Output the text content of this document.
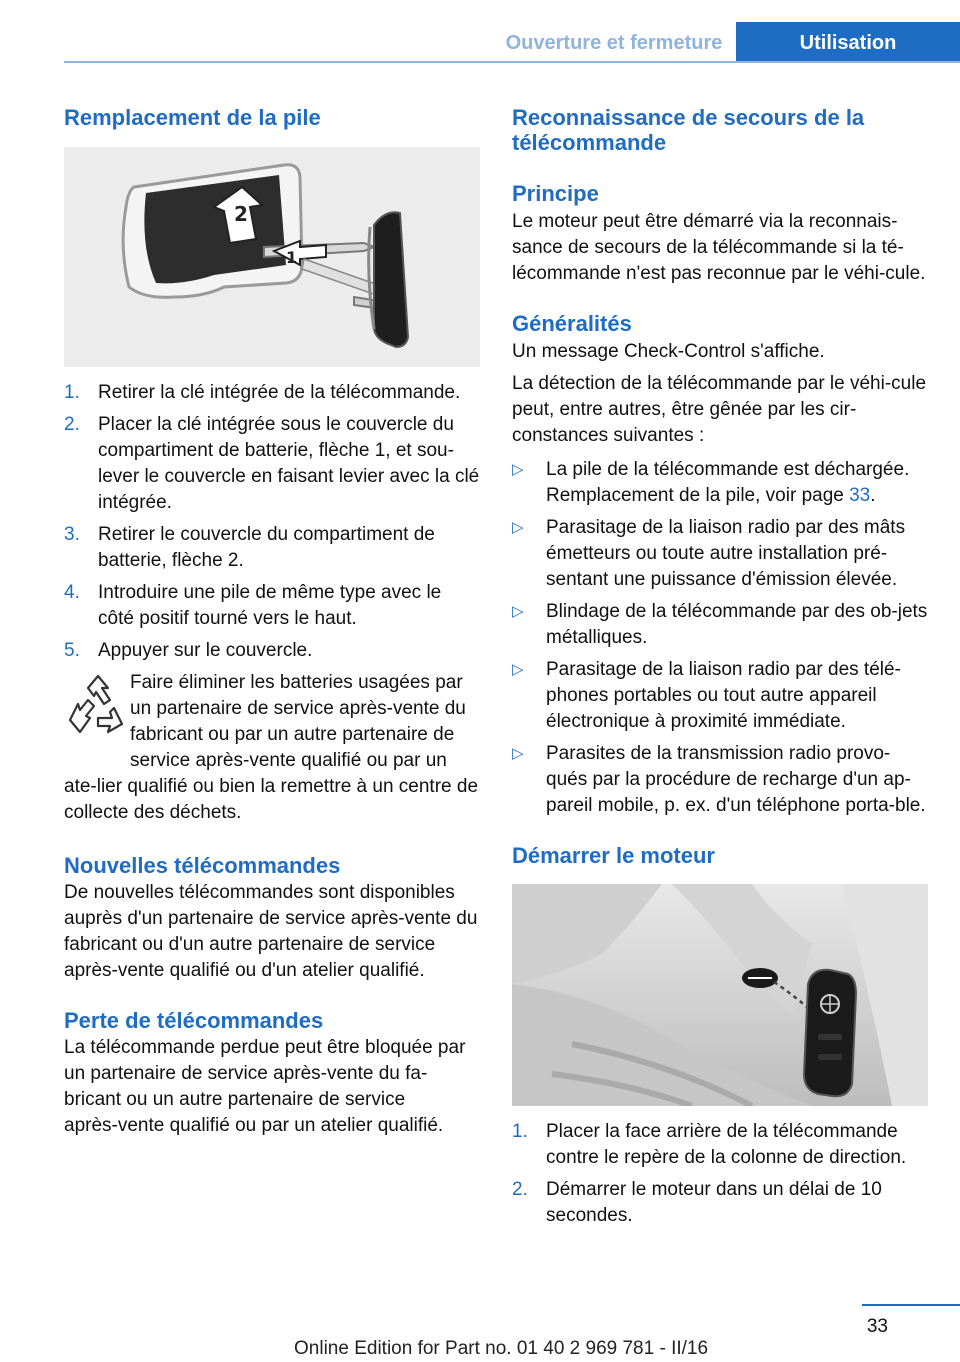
Ouverture et fermeture	Utilisation
Remplacement de la pile
2
1
1. Retirer la clé intégrée de la télécommande.
2. Placer la clé intégrée sous le couvercle du compartiment de batterie, flèche 1, et sou‐lever le couvercle en faisant levier avec la clé intégrée.
3. Retirer le couvercle du compartiment de batterie, flèche 2.
4. Introduire une pile de même type avec le côté positif tourné vers le haut.
5. Appuyer sur le couvercle.
Faire éliminer les batteries usagées par un partenaire de service après‑vente du fabricant ou par un autre partenaire de service après‑vente qualifié ou par un ate‐lier qualifié ou bien la remettre à un centre de collecte des déchets.
Nouvelles télécommandes

De nouvelles télécommandes sont disponibles auprès d'un partenaire de service après‑vente du fabricant ou d'un autre partenaire de service après‑vente qualifié ou d'un atelier qualifié.

Perte de télécommandes

La télécommande perdue peut être bloquée par un partenaire de service après‑vente du fa‐bricant ou un autre partenaire de service après‑vente qualifié ou par un atelier qualifié.

Reconnaissance de secours de la télécommande
Principe

Le moteur peut être démarré via la reconnais‐sance de secours de la télécommande si la té‐lécommande n'est pas reconnue par le véhi‐cule.

Généralités

Un message Check-Control s'affiche.

La détection de la télécommande par le véhi‐cule peut, entre autres, être gênée par les cir‐constances suivantes :

▷ La pile de la télécommande est déchargée. Remplacement de la pile, voir page 33.
▷ Parasitage de la liaison radio par des mâts émetteurs ou toute autre installation pré‐sentant une puissance d'émission élevée.
▷ Blindage de la télécommande par des ob‐jets métalliques.
▷ Parasitage de la liaison radio par des télé‐phones portables ou tout autre appareil électronique à proximité immédiate.
▷ Parasites de la transmission radio provo‐qués par la procédure de recharge d'un ap‐pareil mobile, p. ex. d'un téléphone porta‐ble.
Démarrer le moteur
1. Placer la face arrière de la télécommande contre le repère de la colonne de direction.
2. Démarrer le moteur dans un délai de 10 secondes.
33
Online Edition for Part no. 01 40 2 969 781 - II/16
